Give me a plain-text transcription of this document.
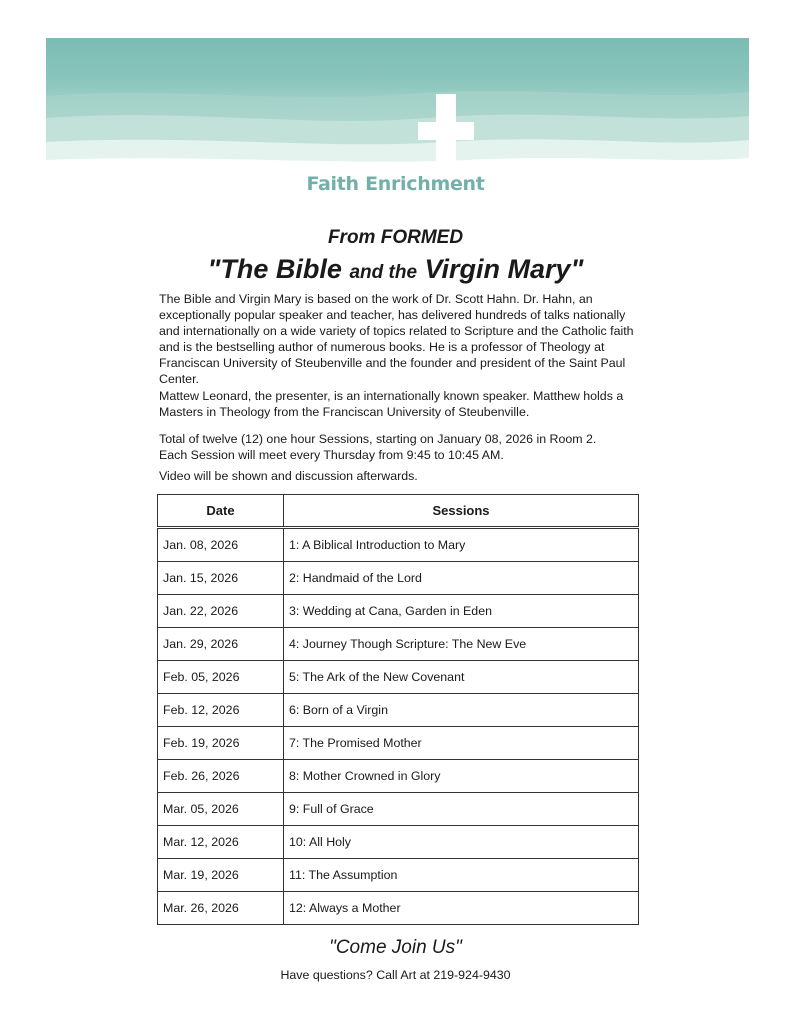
Faith Enrichment
From FORMED
"The Bible and the Virgin Mary"

The Bible and Virgin Mary is based on the work of Dr. Scott Hahn. Dr. Hahn, an exceptionally popular speaker and teacher, has delivered hundreds of talks nationally and internationally on a wide variety of topics related to Scripture and the Catholic faith and is the bestselling author of numerous books. He is a professor of Theology at Franciscan University of Steubenville and the founder and president of the Saint Paul Center.

Mattew Leonard, the presenter, is an internationally known speaker. Matthew holds a Masters in Theology from the Franciscan University of Steubenville.

Total of twelve (12) one hour Sessions, starting on January 08, 2026 in Room 2.

Each Session will meet every Thursday from 9:45 to 10:45 AM.

Video will be shown and discussion afterwards.

Date	Sessions
Jan. 08, 2026	1: A Biblical Introduction to Mary
Jan. 15, 2026	2: Handmaid of the Lord
Jan. 22, 2026	3: Wedding at Cana, Garden in Eden
Jan. 29, 2026	4: Journey Though Scripture: The New Eve
Feb. 05, 2026	5: The Ark of the New Covenant
Feb. 12, 2026	6: Born of a Virgin
Feb. 19, 2026	7: The Promised Mother
Feb. 26, 2026	8: Mother Crowned in Glory
Mar. 05, 2026	9: Full of Grace
Mar. 12, 2026	10: All Holy
Mar. 19, 2026	11: The Assumption
Mar. 26, 2026	12: Always a Mother
"Come Join Us"
Have questions? Call Art at 219-924-9430
